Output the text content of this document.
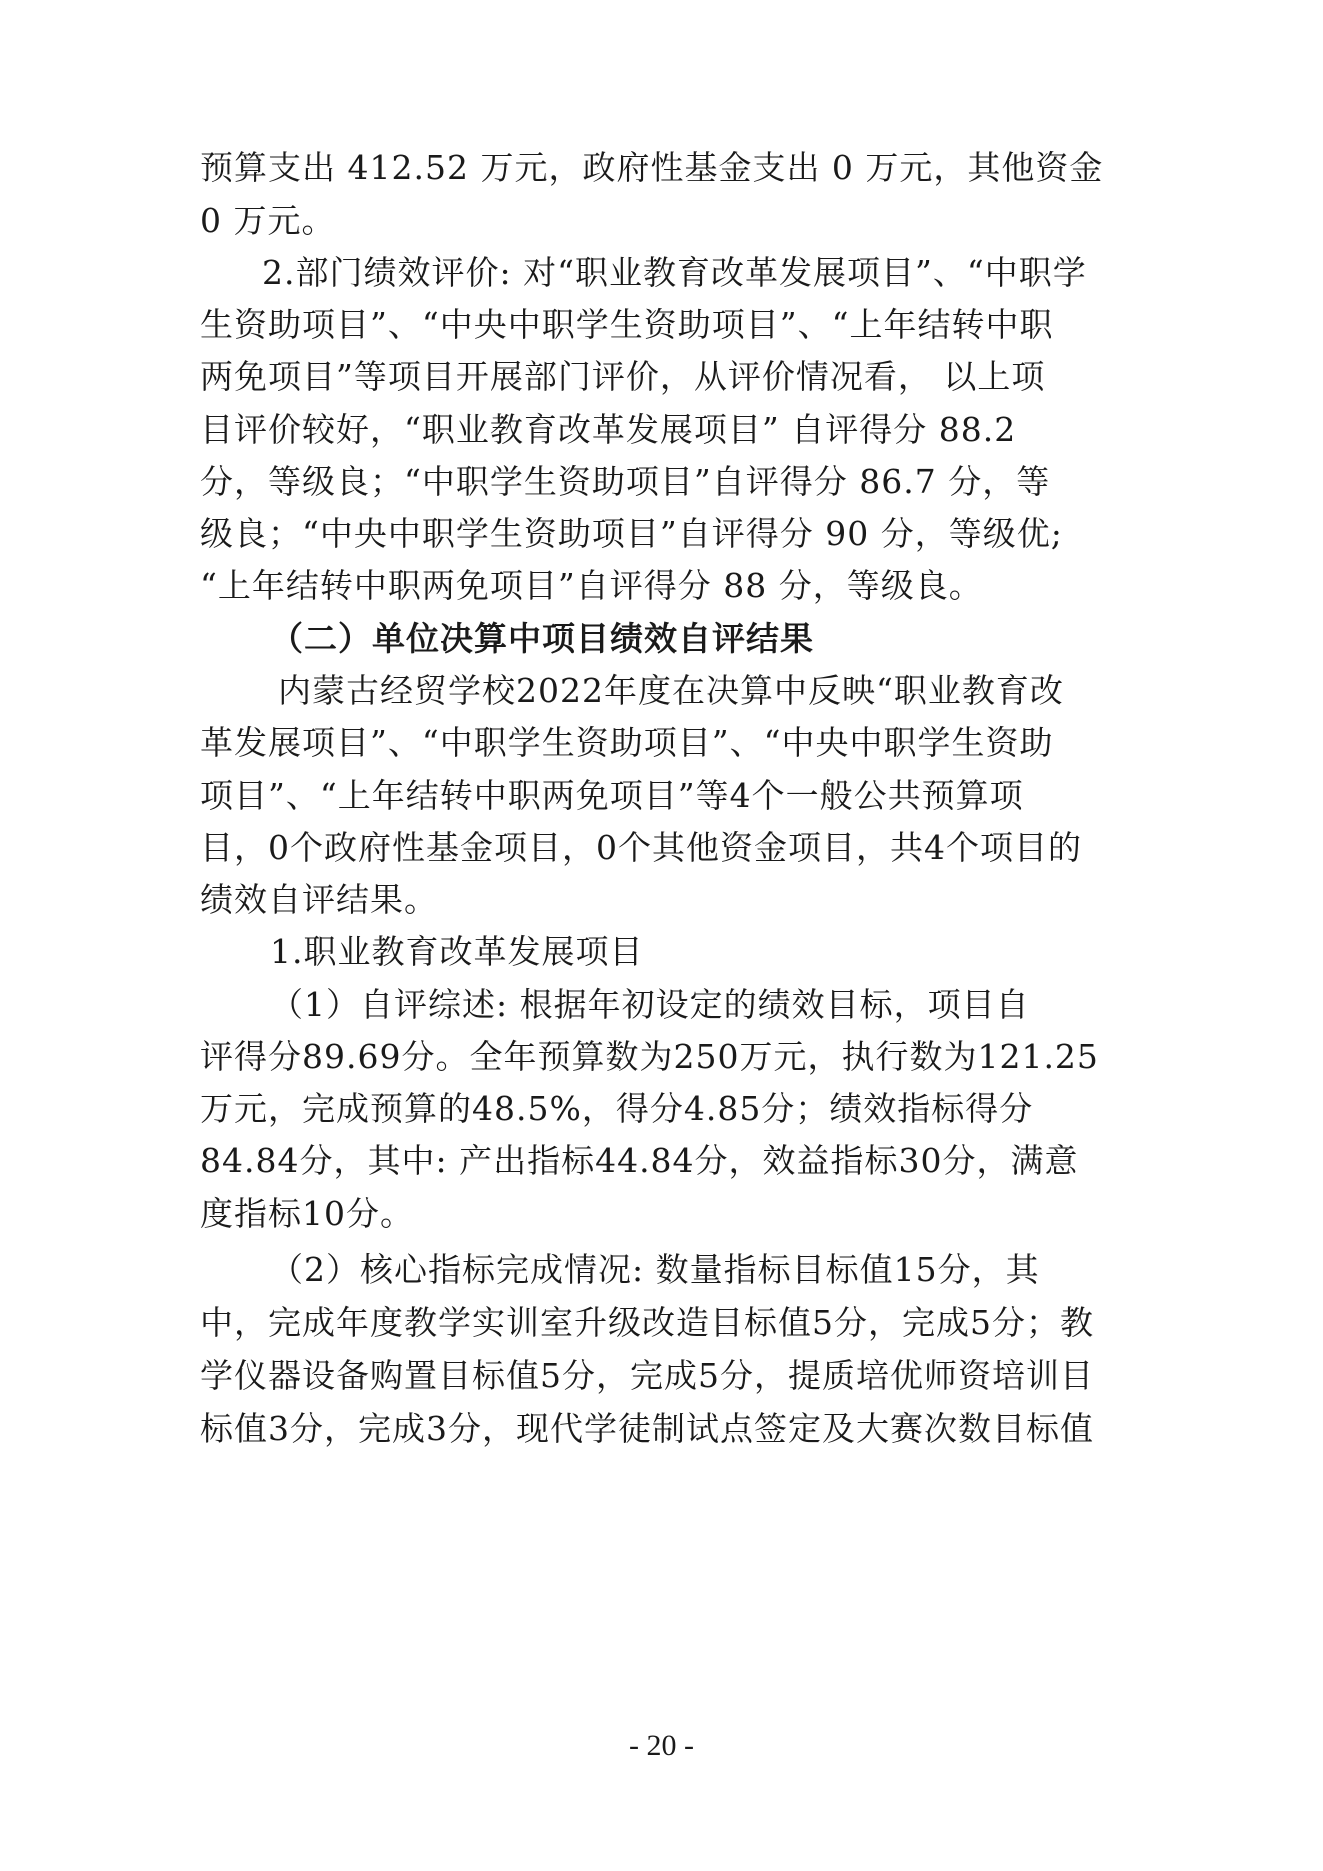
预算支出 412.52 万元，政府性基金支出 0 万元，其他资金
0 万元。
2.部门绩效评价: 对“职业教育改革发展项目”、“中职学
生资助项目”、“中央中职学生资助项目”、“上年结转中职
两免项目”等项目开展部门评价，从评价情况看， 以上项
目评价较好，“职业教育改革发展项目” 自评得分 88.2
分，等级良；“中职学生资助项目”自评得分 86.7 分，等
级良；“中央中职学生资助项目”自评得分 90 分，等级优;
“上年结转中职两免项目”自评得分 88 分，等级良。
（二）单位决算中项目绩效自评结果
内蒙古经贸学校2022年度在决算中反映“职业教育改
革发展项目”、“中职学生资助项目”、“中央中职学生资助
项目”、“上年结转中职两免项目”等4个一般公共预算项
目，0个政府性基金项目，0个其他资金项目，共4个项目的
绩效自评结果。
1.职业教育改革发展项目
（1）自评综述: 根据年初设定的绩效目标，项目自
评得分89.69分。全年预算数为250万元，执行数为121.25
万元，完成预算的48.5%，得分4.85分；绩效指标得分
84.84分，其中: 产出指标44.84分，效益指标30分，满意
度指标10分。
（2）核心指标完成情况: 数量指标目标值15分，其
中，完成年度教学实训室升级改造目标值5分，完成5分；教
学仪器设备购置目标值5分，完成5分，提质培优师资培训目
标值3分，完成3分，现代学徒制试点签定及大赛次数目标值
- 20 -
